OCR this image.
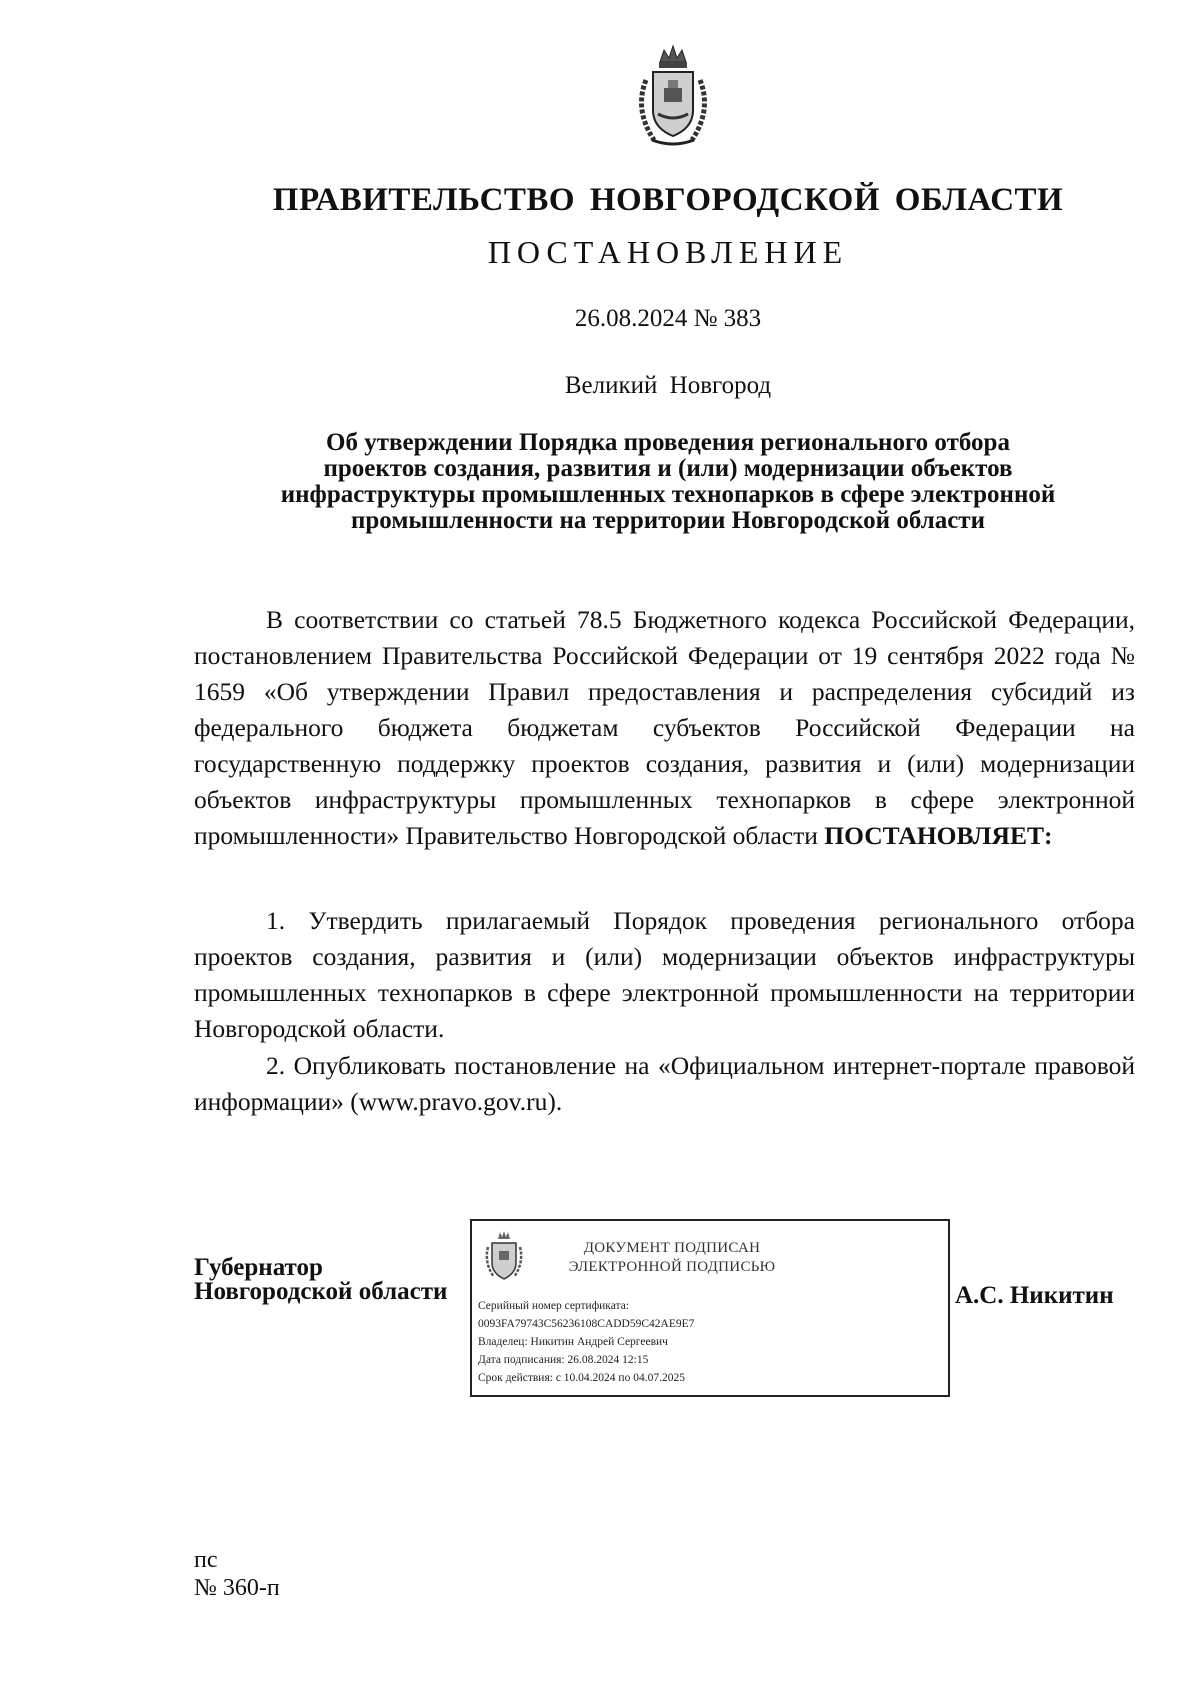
ПРАВИТЕЛЬСТВО НОВГОРОДСКОЙ ОБЛАСТИ
ПОСТАНОВЛЕНИЕ
26.08.2024 № 383
Великий Новгород
Об утверждении Порядка проведения регионального отбора
проектов создания, развития и (или) модернизации объектов
инфраструктуры промышленных технопарков в сфере электронной
промышленности на территории Новгородской области

В соответствии со статьей 78.5 Бюджетного кодекса Российской Федерации, постановлением Правительства Российской Федерации от 19 сентября 2022 года № 1659 «Об утверждении Правил предоставления и распределения субсидий из федерального бюджета бюджетам субъектов Российской Федерации на государственную поддержку проектов создания, развития и (или) модернизации объектов инфраструктуры промышленных технопарков в сфере электронной промышленности» Правительство Новгородской области ПОСТАНОВЛЯЕТ:

1. Утвердить прилагаемый Порядок проведения регионального отбора проектов создания, развития и (или) модернизации объектов инфраструктуры промышленных технопарков в сфере электронной промышленности на территории Новгородской области.

2. Опубликовать постановление на «Официальном интернет-портале правовой информации» (www.pravo.gov.ru).

Губернатор
Новгородской области
ДОКУМЕНТ ПОДПИСАН
ЭЛЕКТРОННОЙ ПОДПИСЬЮ
Серийный номер сертификата:
0093FA79743C56236108CADD59C42AE9E7
Владелец: Никитин Андрей Сергеевич
Дата подписания: 26.08.2024 12:15
Срок действия: с 10.04.2024 по 04.07.2025
А.С. Никитин
пс
№ 360-п
